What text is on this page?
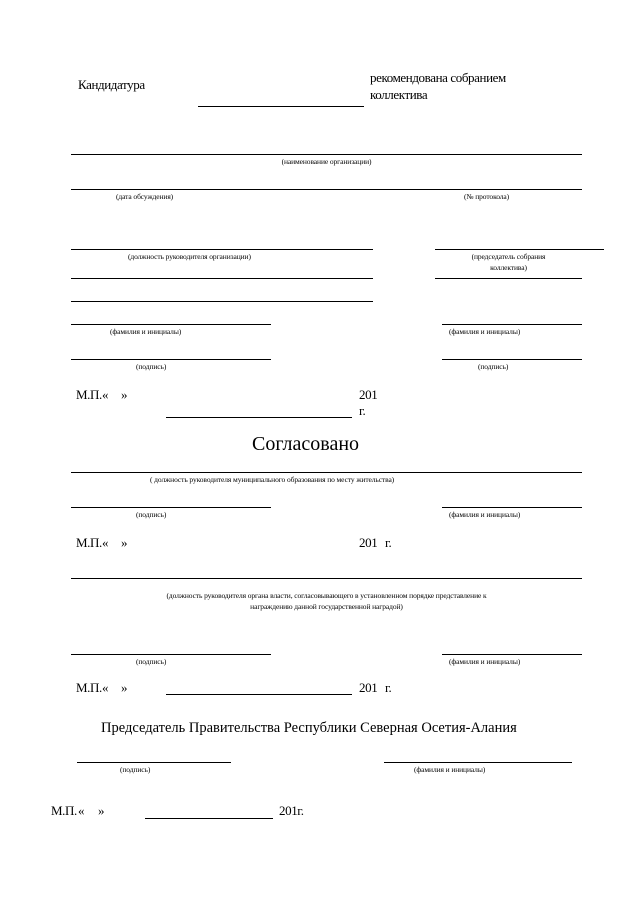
Кандидатура	рекомендована собранием
коллектива
(наименование организации)
(дата обсуждения)	(№ протокола)
(должность руководителя организации)	(председатель собрания
коллектива)
(фамилия и инициалы)	(фамилия и инициалы)
(подпись)	(подпись)
М.П. « »	201
г.
Согласовано
( должность руководителя муниципального образования по месту жительства)
(подпись)	(фамилия и инициалы)
М.П. « »	201 г.
(должность руководителя органа власти, согласовывающего в установленном порядке представление к
награждению данной государственной наградой)
(подпись)	(фамилия и инициалы)
М.П. « »	201 г.
Председатель Правительства Республики Северная Осетия-Алания
(подпись)	(фамилия и инициалы)
М.П. « »	201г.
